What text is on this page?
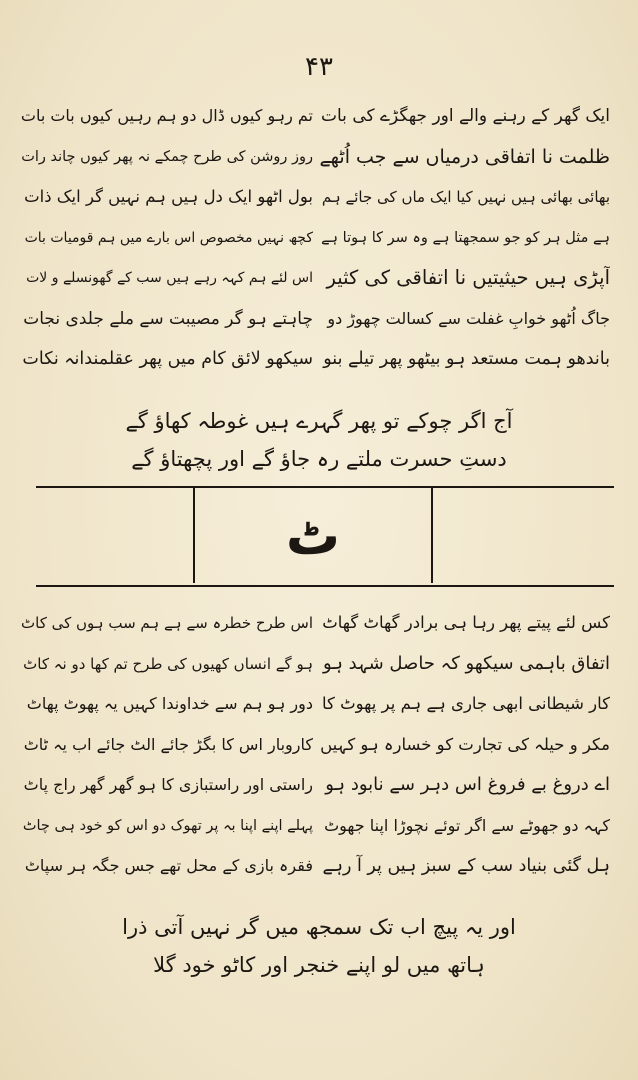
۴۳
ایک گھر کے رہنے والے اور جھگڑے کی بات
ظلمت نا اتفاقی درمیاں سے جب اُٹھے
بھائی بھائی ہیں نہیں کیا ایک ماں کی جائے ہم
ہے مثل ہر کو جو سمجھتا ہے وہ سر کا ہوتا ہے
آپڑی ہیں حیثیتیں نا اتفاقی کی کثیر
جاگ اُٹھو خوابِ غفلت سے کسالت چھوڑ دو
باندھو ہمت مستعد ہو بیٹھو پھر تیلے بنو
تم رہو کیوں ڈال دو ہم رہیں کیوں بات بات
روز روشن کی طرح چمکے نہ پھر کیوں چاند رات
بول اٹھو ایک دل ہیں ہم نہیں گر ایک ذات
کچھ نہیں مخصوص اس بارے میں ہم قومیات بات
اس لئے ہم کہہ رہے ہیں سب کے گھونسلے و لات
چاہتے ہو گر مصیبت سے ملے جلدی نجات
سیکھو لائق کام میں پھر عقلمندانہ نکات
آج اگر چوکے تو پھر گہرے ہیں غوطہ کھاؤ گے
دستِ حسرت ملتے رہ جاؤ گے اور پچھتاؤ گے
ٹ
کس لئے پیتے پھر رہا ہی برادر گھاٹ گھاٹ
اتفاق باہمی سیکھو کہ حاصل شہد ہو
کار شیطانی ابھی جاری ہے ہم پر پھوٹ کا
مکر و حیلہ کی تجارت کو خسارہ ہو کہیں
اے دروغ بے فروغ اس دہر سے نابود ہو
کہہ دو جھوٹے سے اگر توئے نچوڑا اپنا جھوٹ
ہل گئی بنیاد سب کے سبز ہیں پر آ رہے
اس طرح خطرہ سے ہے ہم سب ہوں کی کاٹ
ہو گے انساں کھیوں کی طرح تم کھا دو نہ کاٹ
دور ہو ہم سے خداوندا کہیں یہ پھوٹ پھاٹ
کاروبار اس کا بگڑ جائے الٹ جائے اب یہ ٹاٹ
راستی اور راستبازی کا ہو گھر گھر راج پاٹ
پہلے اپنے اپنا بہ پر تھوک دو اس کو خود ہی چاٹ
فقرہ بازی کے محل تھے جس جگہ ہر سپاٹ
اور یہ پیچ اب تک سمجھ میں گر نہیں آتی ذرا
ہاتھ میں لو اپنے خنجر اور کاٹو خود گلا
